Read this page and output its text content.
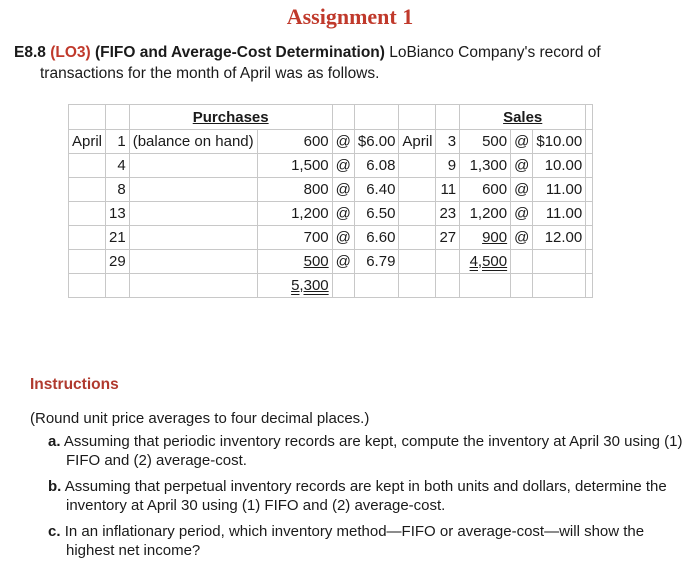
Assignment 1
E8.8 (LO3) (FIFO and Average-Cost Determination) LoBianco Company's record of
transactions for the month of April was as follows.
		Purchases						Sales			
April	1	(balance on hand)	600	@	$6.00	April	3	500	@	$10.00	
	4		1,500	@	6.08		9	1,300	@	10.00	
	8		800	@	6.40		11	600	@	11.00	
	13		1,200	@	6.50		23	1,200	@	11.00	
	21		700	@	6.60		27	900	@	12.00	
	29		500	@	6.79			4,500			
			5,300								
Instructions
(Round unit price averages to four decimal places.)
a. Assuming that periodic inventory records are kept, compute the inventory at April 30 using (1) FIFO and (2) average-cost.
b. Assuming that perpetual inventory records are kept in both units and dollars, determine the inventory at April 30 using (1) FIFO and (2) average-cost.
c. In an inflationary period, which inventory method—FIFO or average-cost—will show the highest net income?
